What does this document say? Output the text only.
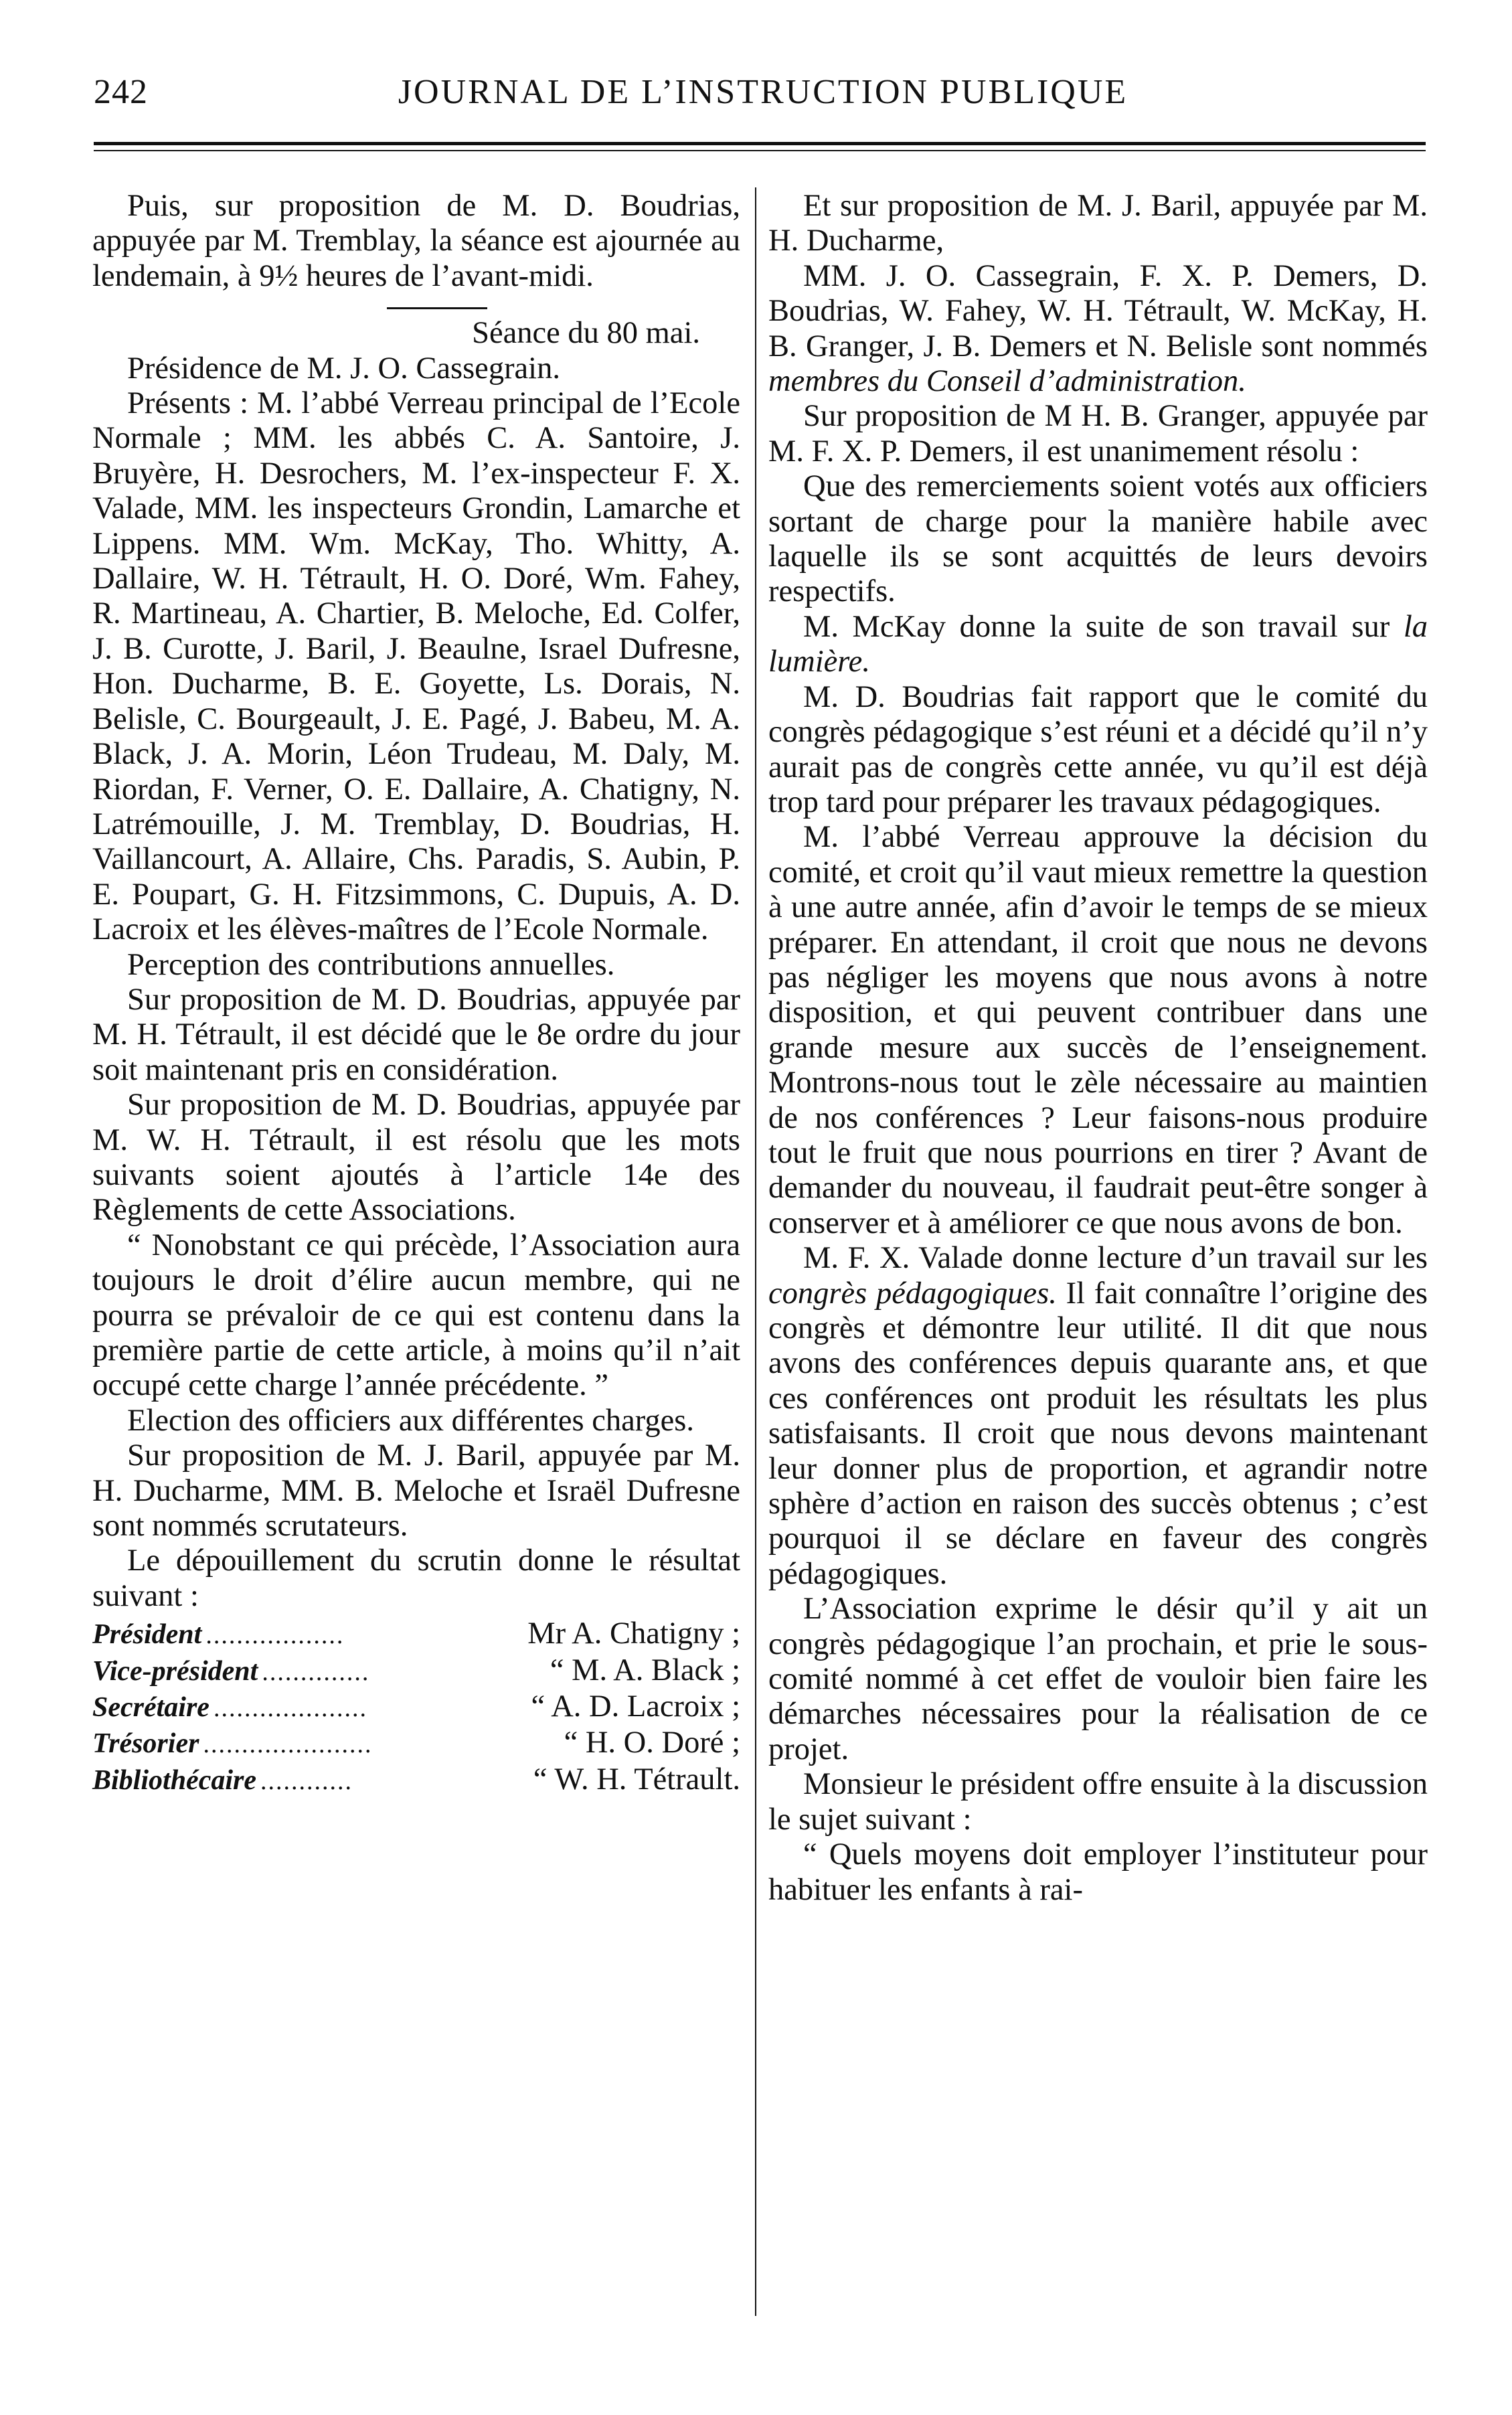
242	JOURNAL DE L’INSTRUCTION PUBLIQUE

Puis, sur proposition de M. D. Boudrias, appuyée par M. Tremblay, la séance est ajournée au lendemain, à 9½ heures de l’avant-midi.

Séance du 80 mai.

Présidence de M. J. O. Cassegrain.

Présents : M. l’abbé Verreau principal de l’Ecole Normale ; MM. les abbés C. A. Santoire, J. Bruyère, H. Desrochers, M. l’ex-inspecteur F. X. Valade, MM. les inspecteurs Grondin, Lamarche et Lippens. MM. Wm. McKay, Tho. Whitty, A. Dallaire, W. H. Tétrault, H. O. Doré, Wm. Fahey, R. Martineau, A. Chartier, B. Meloche, Ed. Colfer, J. B. Curotte, J. Baril, J. Beaulne, Israel Dufresne, Hon. Ducharme, B. E. Goyette, Ls. Dorais, N. Belisle, C. Bourgeault, J. E. Pagé, J. Babeu, M. A. Black, J. A. Morin, Léon Trudeau, M. Daly, M. Riordan, F. Verner, O. E. Dallaire, A. Chatigny, N. Latrémouille, J. M. Tremblay, D. Boudrias, H. Vaillancourt, A. Allaire, Chs. Paradis, S. Aubin, P. E. Poupart, G. H. Fitzsimmons, C. Dupuis, A. D. Lacroix et les élèves-maîtres de l’Ecole Normale.

Perception des contributions annuelles.

Sur proposition de M. D. Boudrias, appuyée par M. H. Tétrault, il est décidé que le 8e ordre du jour soit maintenant pris en considération.

Sur proposition de M. D. Boudrias, appuyée par M. W. H. Tétrault, il est résolu que les mots suivants soient ajoutés à l’article 14e des Règlements de cette Associations.

“ Nonobstant ce qui précède, l’Association aura toujours le droit d’élire aucun membre, qui ne pourra se prévaloir de ce qui est contenu dans la première partie de cette article, à moins qu’il n’ait occupé cette charge l’année précédente. ”

Election des officiers aux différentes charges.

Sur proposition de M. J. Baril, appuyée par M. H. Ducharme, MM. B. Meloche et Israël Dufresne sont nommés scrutateurs.

Le dépouillement du scrutin donne le résultat suivant :

Président ..................	Mr A. Chatigny ;
Vice-président ..............	“ M. A. Black ;
Secrétaire ....................	“ A. D. Lacroix ;
Trésorier ......................	“ H. O. Doré ;
Bibliothécaire ............	“ W. H. Tétrault.

Et sur proposition de M. J. Baril, appuyée par M. H. Ducharme,

MM. J. O. Cassegrain, F. X. P. Demers, D. Boudrias, W. Fahey, W. H. Tétrault, W. McKay, H. B. Granger, J. B. Demers et N. Belisle sont nommés membres du Conseil d’administration.

Sur proposition de M H. B. Granger, appuyée par M. F. X. P. Demers, il est unanimement résolu :

Que des remerciements soient votés aux officiers sortant de charge pour la manière habile avec laquelle ils se sont acquittés de leurs devoirs respectifs.

M. McKay donne la suite de son travail sur la lumière.

M. D. Boudrias fait rapport que le comité du congrès pédagogique s’est réuni et a décidé qu’il n’y aurait pas de congrès cette année, vu qu’il est déjà trop tard pour préparer les travaux pédagogiques.

M. l’abbé Verreau approuve la décision du comité, et croit qu’il vaut mieux remettre la question à une autre année, afin d’avoir le temps de se mieux préparer. En attendant, il croit que nous ne devons pas négliger les moyens que nous avons à notre disposition, et qui peuvent contribuer dans une grande mesure aux succès de l’enseignement. Montrons-nous tout le zèle nécessaire au maintien de nos conférences ? Leur faisons-nous produire tout le fruit que nous pourrions en tirer ? Avant de demander du nouveau, il faudrait peut-être songer à conserver et à améliorer ce que nous avons de bon.

M. F. X. Valade donne lecture d’un travail sur les congrès pédagogiques. Il fait connaître l’origine des congrès et démontre leur utilité. Il dit que nous avons des conférences depuis quarante ans, et que ces conférences ont produit les résultats les plus satisfaisants. Il croit que nous devons maintenant leur donner plus de proportion, et agrandir notre sphère d’action en raison des succès obtenus ; c’est pourquoi il se déclare en faveur des congrès pédagogiques.

L’Association exprime le désir qu’il y ait un congrès pédagogique l’an prochain, et prie le sous-comité nommé à cet effet de vouloir bien faire les démarches nécessaires pour la réalisation de ce projet.

Monsieur le président offre ensuite à la discussion le sujet suivant :

“ Quels moyens doit employer l’instituteur pour habituer les enfants à rai-
